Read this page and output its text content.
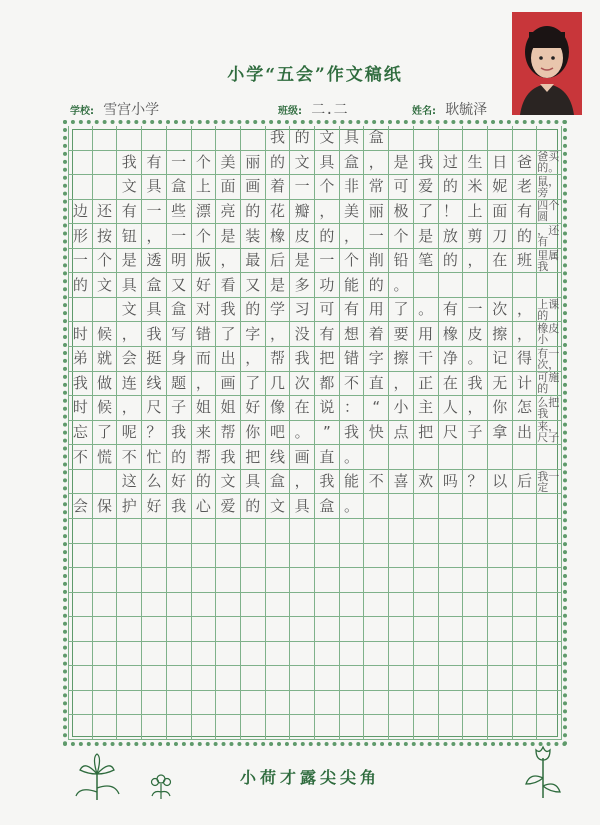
小学“五会”作文稿纸
学校: 雪宫小学	班级: 二.二	姓名: 耿毓泽
我 的 文 具 盒
我 有 一 个 美 丽 的 文 具 盒 ， 是 我 过 生 日 爸 爸买的。
文 具 盒 上 面 画 着 一 个 非 常 可 爱 的 米 妮 老 鼠，旁
边 还 有 一 些 漂 亮 的 花 瓣 ， 美 丽 极 了 ！ 上 面 有 四个圆
形 按 钮 ， 一 个 是 装 橡 皮 的 ， 一 个 是 放 剪 刀 的 ，还有
一 个 是 透 明 版 ， 最 后 是 一 个 削 铅 笔 的 ， 在 班 里属我
的 文 具 盒 又 好 看 又 是 多 功 能 的 。
文 具 盒 对 我 的 学 习 可 有 用 了 。 有 一 次 ， 上课的
时 候 ， 我 写 错 了 字 ， 没 有 想 着 要 用 橡 皮 擦 ， 橡皮小
弟 就 会 挺 身 而 出 ， 帮 我 把 错 字 擦 干 净 。 记 得 有一次，
我 做 连 线 题 ， 画 了 几 次 都 不 直 ， 正 在 我 无 计 可施的
时 候 ， 尺 子 姐 姐 好 像 在 说 ： “ 小 主 人 ， 你 怎 么把我
忘 了 呢 ？ 我 来 帮 你 吧 。 ” 我 快 点 把 尺 子 拿 出 来，尺子
不 慌 不 忙 的 帮 我 把 线 画 直 。
这 么 好 的 文 具 盒 ， 我 能 不 喜 欢 吗 ？ 以 后 我一定
会 保 护 好 我 心 爱 的 文 具 盒 。
小荷才露尖尖角
